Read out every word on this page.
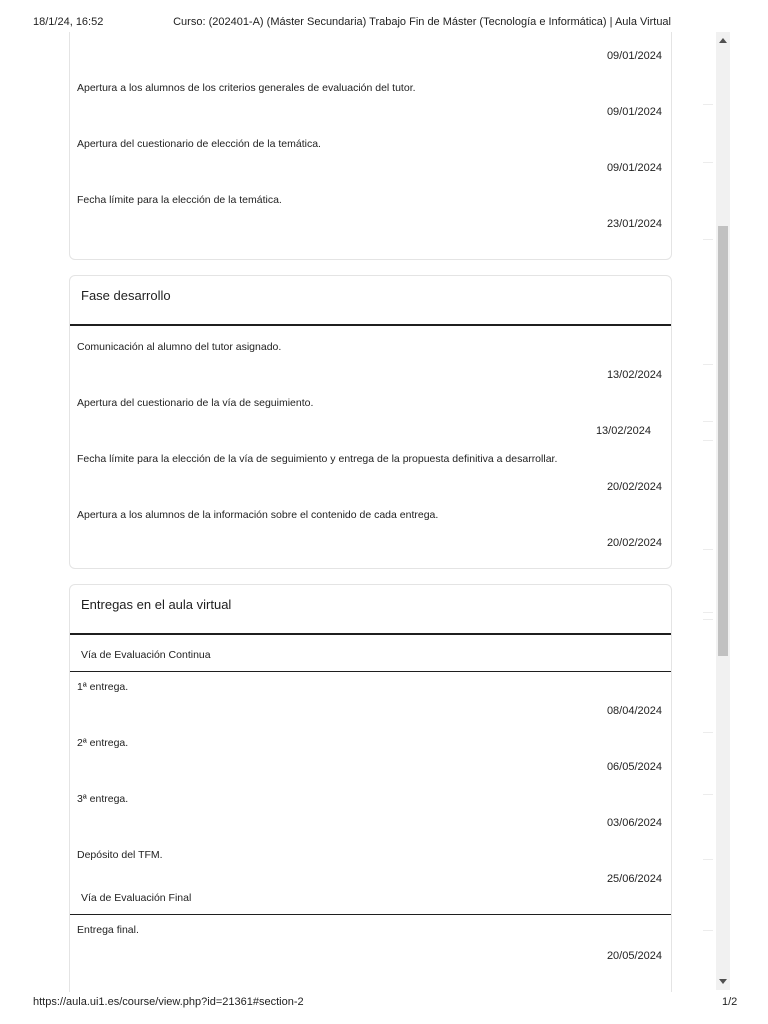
18/1/24, 16:52	Curso: (202401-A) (Máster Secundaria) Trabajo Fin de Máster (Tecnología e Informática) | Aula Virtual
09/01/2024
Apertura a los alumnos de los criterios generales de evaluación del tutor.
09/01/2024
Apertura del cuestionario de elección de la temática.
09/01/2024
Fecha límite para la elección de la temática.
23/01/2024
Fase desarrollo
Comunicación al alumno del tutor asignado.
13/02/2024
Apertura del cuestionario de la vía de seguimiento.
13/02/2024
Fecha límite para la elección de la vía de seguimiento y entrega de la propuesta definitiva a desarrollar.
20/02/2024
Apertura a los alumnos de la información sobre el contenido de cada entrega.
20/02/2024
Entregas en el aula virtual
Vía de Evaluación Continua
1ª entrega.
08/04/2024
2ª entrega.
06/05/2024
3ª entrega.
03/06/2024
Depósito del TFM.
25/06/2024
Vía de Evaluación Final
Entrega final.
20/05/2024
https://aula.ui1.es/course/view.php?id=21361#section-2	1/2
